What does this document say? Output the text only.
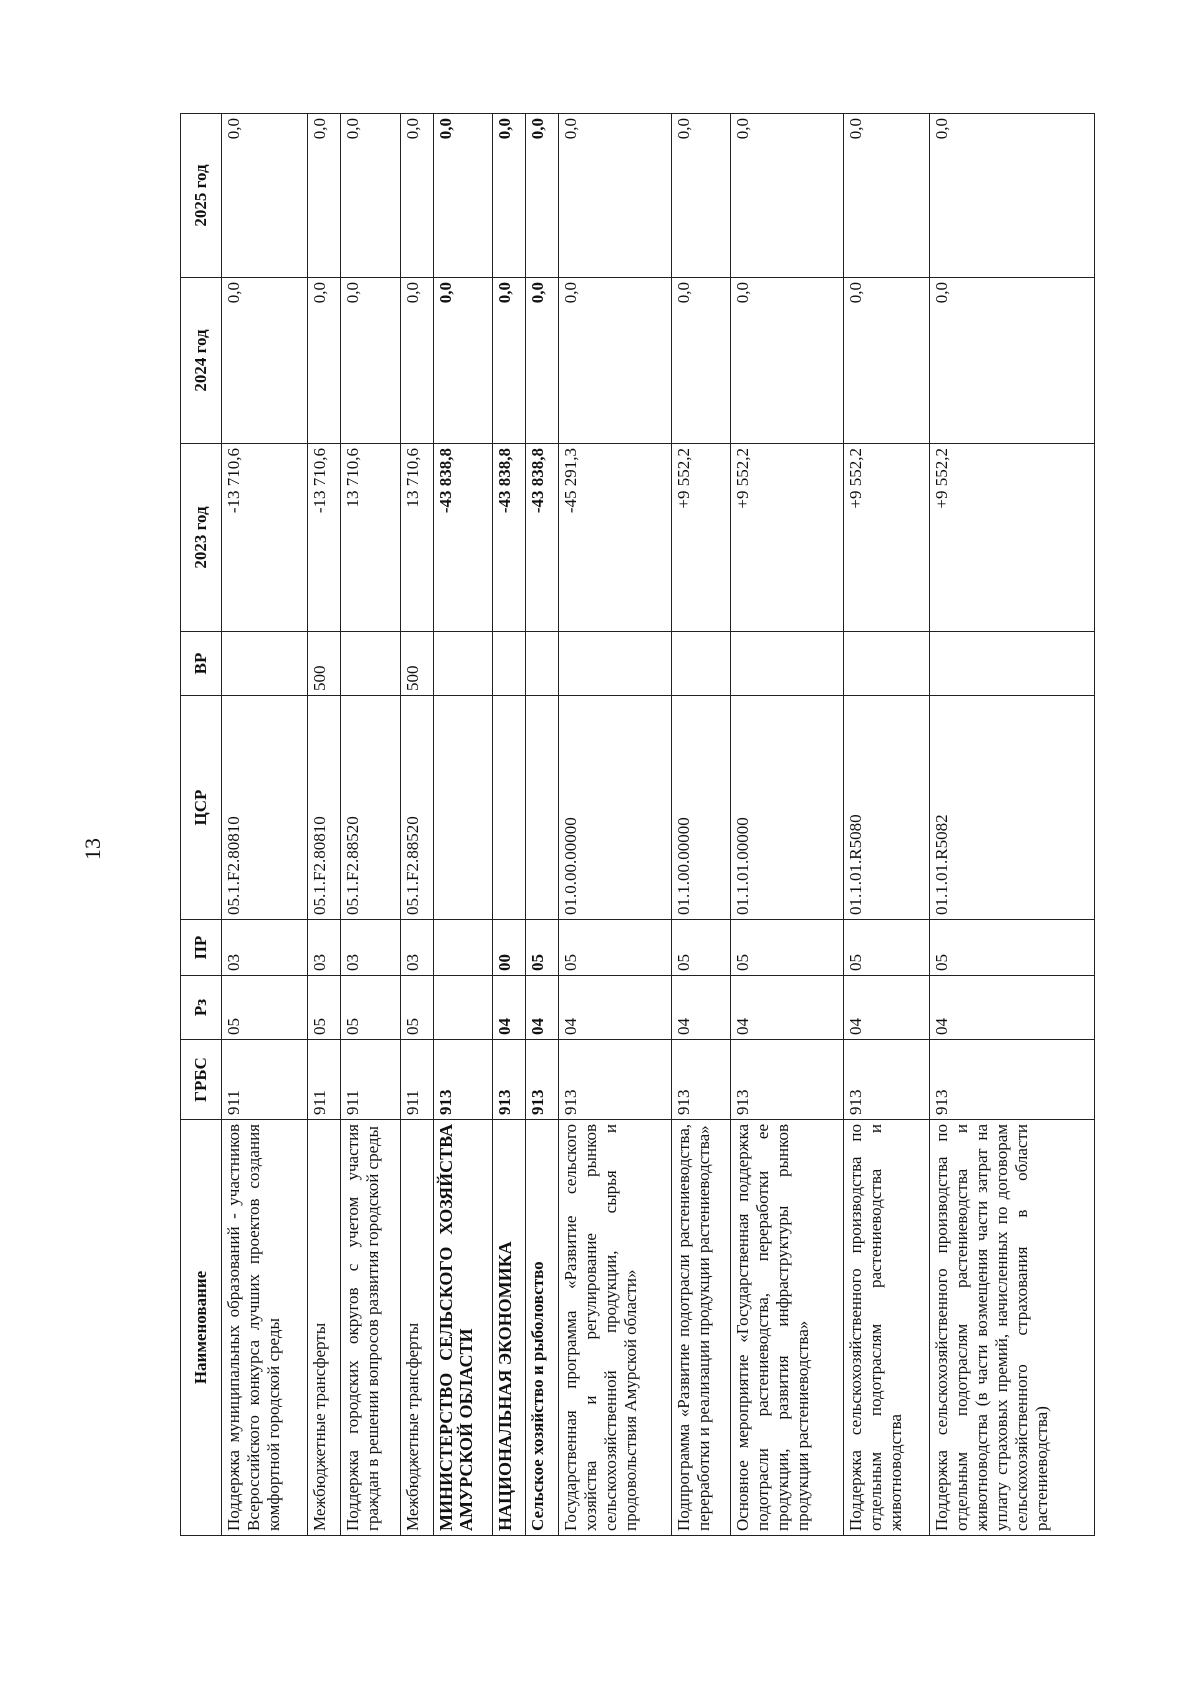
13
Наименование	ГРБС	Рз	ПР	ЦСР	ВР	2023 год	2024 год	2025 год
Поддержка муниципальных образований - участников Всероссийского конкурса лучших проектов создания комфортной городской среды	911	05	03	05.1.F2.80810		-13 710,6	0,0	0,0
Межбюджетные трансферты	911	05	03	05.1.F2.80810	500	-13 710,6	0,0	0,0
Поддержка городских округов с учетом участия граждан в решении вопросов развития городской среды	911	05	03	05.1.F2.88520		13 710,6	0,0	0,0
Межбюджетные трансферты	911	05	03	05.1.F2.88520	500	13 710,6	0,0	0,0
МИНИСТЕРСТВО СЕЛЬСКОГО ХОЗЯЙСТВА АМУРСКОЙ ОБЛАСТИ	913					-43 838,8	0,0	0,0
НАЦИОНАЛЬНАЯ ЭКОНОМИКА	913	04	00			-43 838,8	0,0	0,0
Сельское хозяйство и рыболовство	913	04	05			-43 838,8	0,0	0,0
Государственная программа «Развитие сельского хозяйства и регулирование рынков сельскохозяйственной продукции, сырья и продовольствия Амурской области»	913	04	05	01.0.00.00000		-45 291,3	0,0	0,0
Подпрограмма «Развитие подотрасли растениеводства, переработки и реализации продукции растениеводства»	913	04	05	01.1.00.00000		+9 552,2	0,0	0,0
Основное мероприятие «Государственная поддержка подотрасли растениеводства, переработки ее продукции, развития инфраструктуры рынков продукции растениеводства»	913	04	05	01.1.01.00000		+9 552,2	0,0	0,0
Поддержка сельскохозяйственного производства по отдельным подотраслям растениеводства и животноводства	913	04	05	01.1.01.R5080		+9 552,2	0,0	0,0
Поддержка сельскохозяйственного производства по отдельным подотраслям растениеводства и животноводства (в части возмещения части затрат на уплату страховых премий, начисленных по договорам сельскохозяйственного страхования в области растениеводства)	913	04	05	01.1.01.R5082		+9 552,2	0,0	0,0
